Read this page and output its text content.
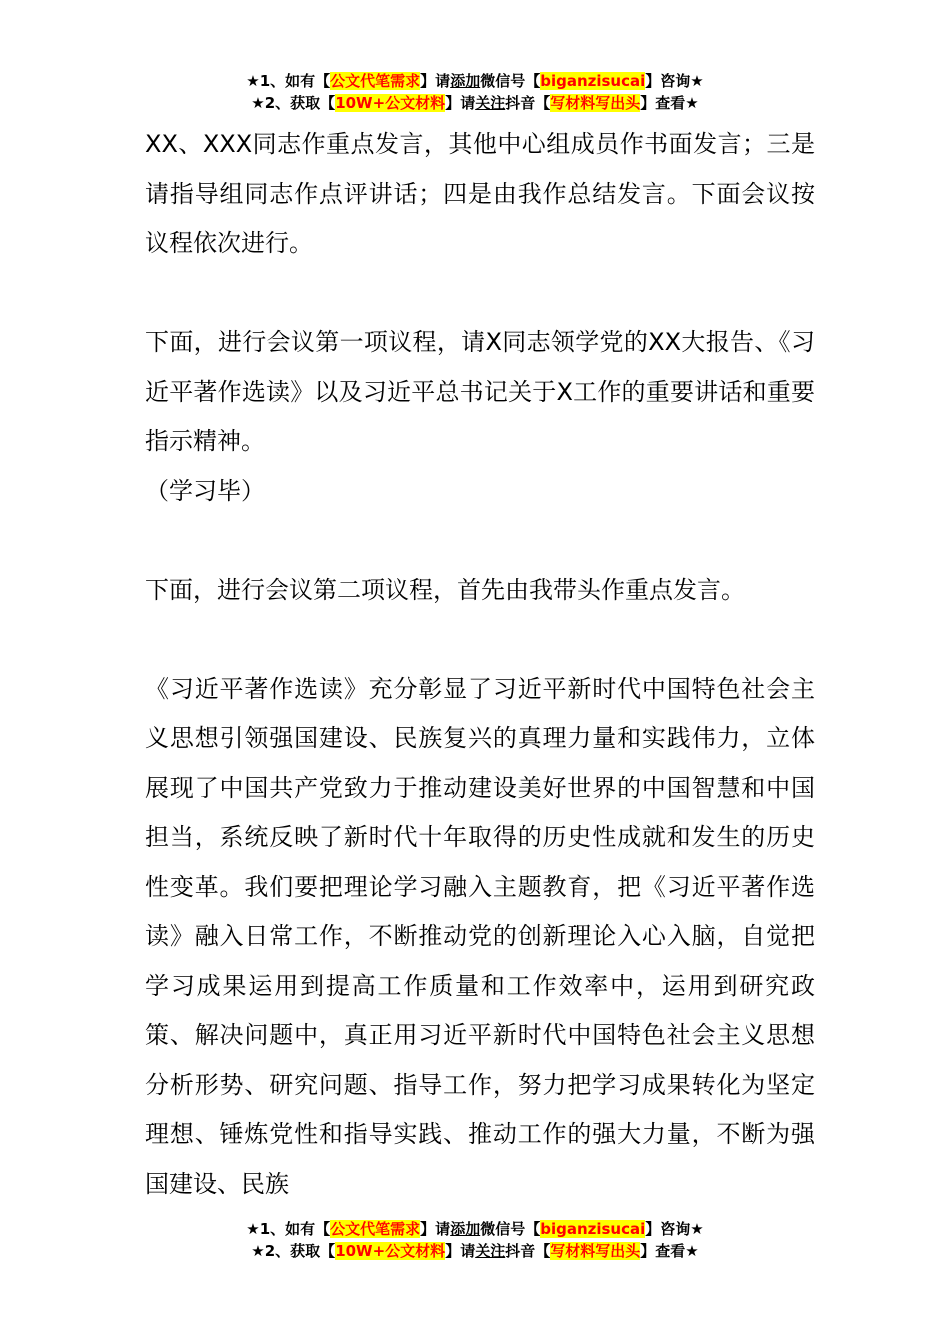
★1、如有【公文代笔需求】请添加微信号【biganzisucai】咨询★
★2、获取【10W+公文材料】请关注抖音【写材料写出头】查看★

XX、XXX同志作重点发言，其他中心组成员作书面发言；三是请指导组同志作点评讲话；四是由我作总结发言。下面会议按议程依次进行。

下面，进行会议第一项议程，请X同志领学党的XX大报告、《习近平著作选读》以及习近平总书记关于X工作的重要讲话和重要指示精神。

（学习毕）

下面，进行会议第二项议程，首先由我带头作重点发言。

《习近平著作选读》充分彰显了习近平新时代中国特色社会主义思想引领强国建设、民族复兴的真理力量和实践伟力，立体展现了中国共产党致力于推动建设美好世界的中国智慧和中国担当，系统反映了新时代十年取得的历史性成就和发生的历史性变革。我们要把理论学习融入主题教育，把《习近平著作选读》融入日常工作，不断推动党的创新理论入心入脑，自觉把学习成果运用到提高工作质量和工作效率中，运用到研究政策、解决问题中，真正用习近平新时代中国特色社会主义思想分析形势、研究问题、指导工作，努力把学习成果转化为坚定理想、锤炼党性和指导实践、推动工作的强大力量，不断为强国建设、民族

★1、如有【公文代笔需求】请添加微信号【biganzisucai】咨询★
★2、获取【10W+公文材料】请关注抖音【写材料写出头】查看★
